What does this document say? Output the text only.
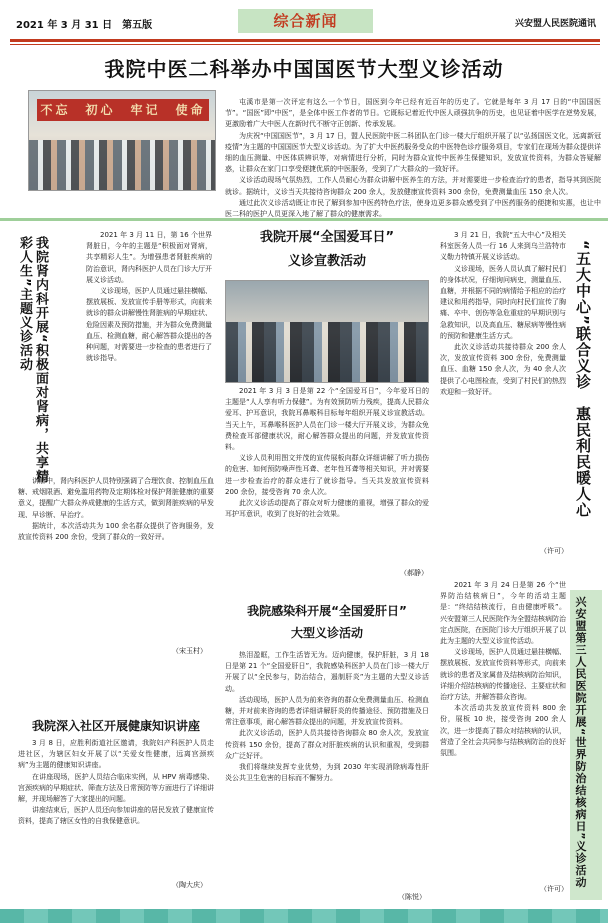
2021 年 3 月 31 日　第五版	综合新闻	兴安盟人民医院通讯
我院中医二科举办中国国医节大型义诊活动
不忘　初心　牢记　使命

屯溪市是第一次评定有这么一个节日，国医到今年已经有近百年的历史了。它就是每年 3 月 17 日的“中国国医节”。“国医”即“中医”，是全体中医工作者的节日。它既标记着近代中医人顽强抗争的历史，也见证着中医学在逆势发展，更激励着广大中医人在新时代不断守正创新、传承发展。

为庆祝“中国国医节”，3 月 17 日，盟人民医院中医二科团队在门诊一楼大厅组织开展了以“弘扬国医文化，远离新冠疫情”为主题的中国国医节大型义诊活动。为了扩大中医药服务受众的中医特色诊疗服务项目，专家们在现场为群众提供详细的血压测量、中医体质辨识等，对病情进行分析，同时为群众宣传中医养生保健知识，发放宣传资料，为群众答疑解惑，让群众在家门口享受便捷优质的中医服务，受到了广大群众的一致好评。

义诊活动现场气氛热烈，工作人员耐心为群众讲解中医养生的方法，并对需要进一步检查治疗的患者，指导其到医院就诊。据统计，义诊当天共接待咨询群众 200 余人，发放健康宣传资料 300 余份，免费测量血压 150 余人次。

通过此次义诊活动既让市民了解到参加中医药特色疗法，使身边更多群众感受到了中医药服务的便捷和实惠，也让中医二科的医护人员更深入地了解了群众的健康需求。

我院肾内科开展“积极面对肾病，共享精彩人生”主题义诊活动

2021 年 3 月 11 日，第 16 个世界肾脏日，今年的主题是“积极面对肾病，共享精彩人生”。为增强患者肾脏疾病的防治意识，肾内科医护人员在门诊大厅开展义诊活动。

义诊现场，医护人员通过悬挂横幅、摆放展板、发放宣传手册等形式，向前来就诊的群众讲解慢性肾脏病的早期症状、危险因素及预防措施，并为群众免费测量血压、检测血糖，耐心解答群众提出的各种问题，对需要进一步检查的患者进行了就诊指导。

讲解中，肾内科医护人员特别强调了合理饮食、控制血压血糖、戒烟限酒、避免滥用药物及定期体检对保护肾脏健康的重要意义，提醒广大群众养成健康的生活方式，做到肾脏疾病的早发现、早诊断、早治疗。

据统计，本次活动共为 100 余名群众提供了咨询服务，发放宣传资料 200 余份，受到了群众的一致好评。

（宋玉村）
我院开展“全国爱耳日”
义诊宣教活动

2021 年 3 月 3 日是第 22 个“全国爱耳日”，今年爱耳日的主题是“人人享有听力保健”。为有效预防听力残疾，提高人民群众爱耳、护耳意识，我院耳鼻喉科目标每年组织开展义诊宣教活动。当天上午，耳鼻喉科医护人员在门诊一楼大厅开展义诊，为群众免费检查耳部健康状况，耐心解答群众提出的问题，并发放宣传资料。

义诊人员利用图文并茂的宣传展板向群众详细讲解了听力损伤的危害、如何预防噪声性耳聋、老年性耳聋等相关知识，并对需要进一步检查治疗的群众进行了就诊指导。当天共发放宣传资料 200 余份，接受咨询 70 余人次。

此次义诊活动提高了群众对听力健康的重视，增强了群众的爱耳护耳意识，收到了良好的社会效果。

（郝静）

3 月 21 日，我院“五大中心”及相关科室医务人员一行 16 人来到乌兰浩特市义勒力特镇开展义诊活动。

义诊现场，医务人员认真了解村民们的身体状况，仔细询问病史，测量血压、血糖，并根据不同的病情给予相应的治疗建议和用药指导，同时向村民们宣传了胸痛、卒中、创伤等急危重症的早期识别与急救知识，以及高血压、糖尿病等慢性病的预防和健康生活方式。

此次义诊活动共接待群众 200 余人次，发放宣传资料 300 余份，免费测量血压、血糖 150 余人次，为 40 余人次提供了心电图检查，受到了村民们的热烈欢迎和一致好评。

（许可）
“五大中心”联合义诊　惠民利民暖人心
我院感染科开展“全国爱肝日”
大型义诊活动

热泪盈眶，工作生活皆无为。迈向健康，保护肝脏，3 月 18 日是第 21 个“全国爱肝日”，我院感染科医护人员在门诊一楼大厅开展了以“全民参与，防治结合，遏制肝炎”为主题的大型义诊活动。

活动现场，医护人员为前来咨询的群众免费测量血压、检测血糖，并对前来咨询的患者详细讲解肝炎的传播途径、预防措施及日常注意事项，耐心解答群众提出的问题，并发放宣传资料。

此次义诊活动，医护人员共接待咨询群众 80 余人次，发放宣传资料 150 余份，提高了群众对肝脏疾病的认识和重视，受到群众广泛好评。

我们将继续发挥专业优势，为到 2030 年实现消除病毒性肝炎公共卫生危害的目标而不懈努力。

（陈悦）
我院深入社区开展健康知识讲座

3 月 8 日，应胜利街道社区邀请，我院妇产科医护人员走进社区，为辖区妇女开展了以“关爱女性健康，远离宫颈疾病”为主题的健康知识讲座。

在讲座现场，医护人员结合临床实例，从 HPV 病毒感染、宫颈疾病的早期症状、筛查方法及日常预防等方面进行了详细讲解，并现场解答了大家提出的问题。

讲座结束后，医护人员还向参加讲座的居民发放了健康宣传资料，提高了辖区女性的自我保健意识。

（陶大庆）

2021 年 3 月 24 日是第 26 个“世界防治结核病日”，今年的活动主题是：“终结结核流行，自由健康呼吸”。兴安盟第三人民医院作为全盟结核病防治定点医院，在医院门诊大厅组织开展了以此为主题的大型义诊宣传活动。

义诊现场，医护人员通过悬挂横幅、摆放展板、发放宣传资料等形式，向前来就诊的患者及家属普及结核病防治知识，详细介绍结核病的传播途径、主要症状和治疗方法，并解答群众咨询。

本次活动共发放宣传资料 800 余份，展板 10 块，接受咨询 200 余人次，进一步提高了群众对结核病的认识，营造了全社会共同参与结核病防治的良好氛围。

（许可）
兴安盟第三人民医院开展“世界防治结核病日”义诊活动
